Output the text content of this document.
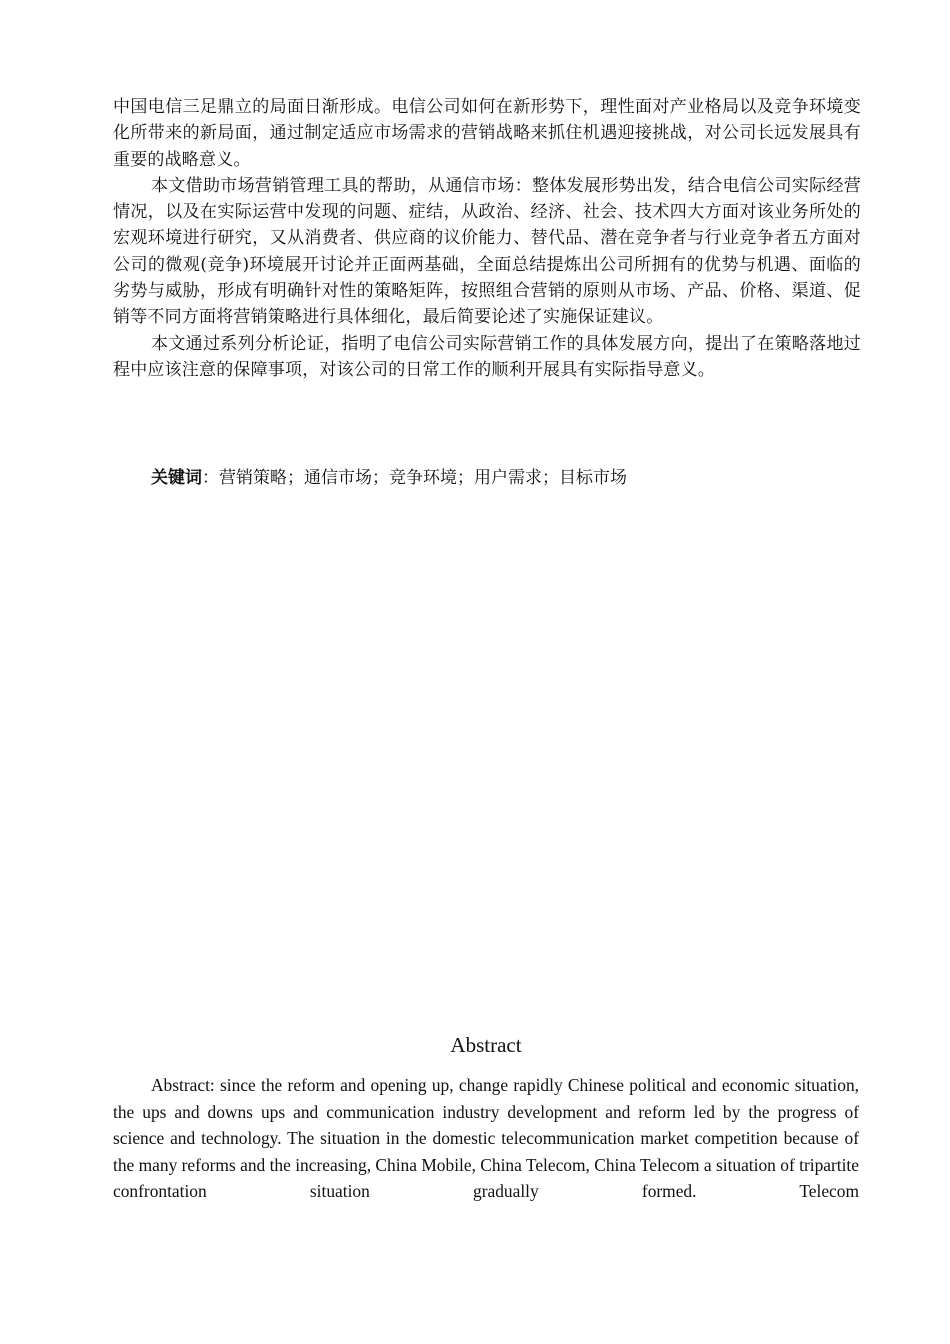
中国电信三足鼎立的局面日渐形成。电信公司如何在新形势下，理性面对产业格局以及竞争环境变化所带来的新局面，通过制定适应市场需求的营销战略来抓住机遇迎接挑战，对公司长远发展具有重要的战略意义。

本文借助市场营销管理工具的帮助，从通信市场：整体发展形势出发，结合电信公司实际经营情况，以及在实际运营中发现的问题、症结，从政治、经济、社会、技术四大方面对该业务所处的宏观环境进行研究，又从消费者、供应商的议价能力、替代品、潜在竞争者与行业竞争者五方面对公司的微观(竞争)环境展开讨论并正面两基础，全面总结提炼出公司所拥有的优势与机遇、面临的劣势与威胁，形成有明确针对性的策略矩阵，按照组合营销的原则从市场、产品、价格、渠道、促销等不同方面将营销策略进行具体细化，最后简要论述了实施保证建议。

本文通过系列分析论证，指明了电信公司实际营销工作的具体发展方向，提出了在策略落地过程中应该注意的保障事项，对该公司的日常工作的顺利开展具有实际指导意义。

关键词：营销策略；通信市场；竞争环境；用户需求；目标市场
Abstract

Abstract: since the reform and opening up, change rapidly Chinese political and economic situation, the ups and downs ups and communication industry development and reform led by the progress of science and technology. The situation in the domestic telecommunication market competition because of the many reforms and the increasing, China Mobile, China Telecom, China Telecom a situation of tripartite confrontation situation gradually formed. Telecom
